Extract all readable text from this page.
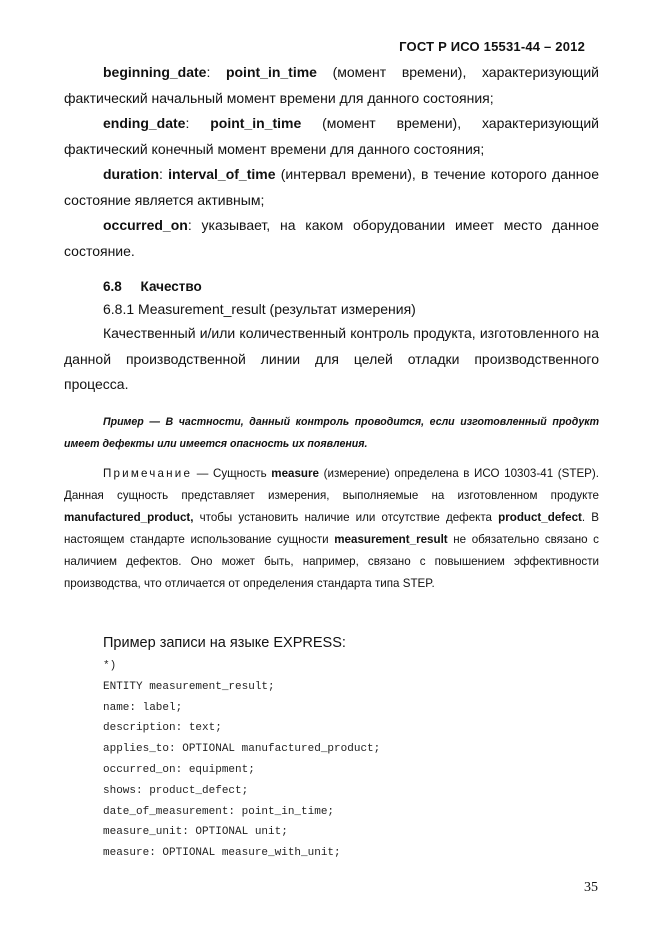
ГОСТ Р ИСО 15531-44 – 2012

beginning_date: point_in_time (момент времени), характеризующий фактический начальный момент времени для данного состояния;

ending_date: point_in_time (момент времени), характеризующий фактический конечный момент времени для данного состояния;

duration: interval_of_time (интервал времени), в течение которого данное состояние является активным;

occurred_on: указывает, на каком оборудовании имеет место данное состояние.

6.8 Качество

6.8.1 Measurement_result (результат измерения)

Качественный и/или количественный контроль продукта, изготовленного на данной производственной линии для целей отладки производственного процесса.

Пример — В частности, данный контроль проводится, если изготовленный продукт имеет дефекты или имеется опасность их появления.

Примечание — Сущность measure (измерение) определена в ИСО 10303-41 (STEP). Данная сущность представляет измерения, выполняемые на изготовленном продукте manufactured_product, чтобы установить наличие или отсутствие дефекта product_defect. В настоящем стандарте использование сущности measurement_result не обязательно связано с наличием дефектов. Оно может быть, например, связано с повышением эффективности производства, что отличается от определения стандарта типа STEP.

Пример записи на языке EXPRESS:

*)
ENTITY measurement_result;
name: label;
description: text;
applies_to: OPTIONAL manufactured_product;
occurred_on: equipment;
shows: product_defect;
date_of_measurement: point_in_time;
measure_unit: OPTIONAL unit;
measure: OPTIONAL measure_with_unit;
35
